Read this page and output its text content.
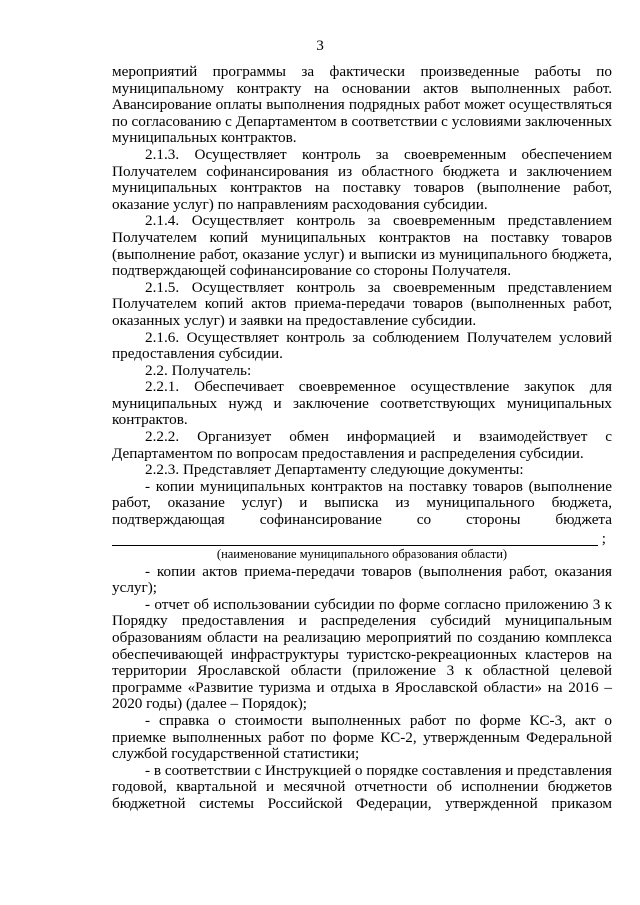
3

мероприятий программы за фактически произведенные работы по муниципальному контракту на основании актов выполненных работ. Авансирование оплаты выполнения подрядных работ может осуществляться по согласованию с Департаментом в соответствии с условиями заключенных муниципальных контрактов.

2.1.3. Осуществляет контроль за своевременным обеспечением Получателем софинансирования из областного бюджета и заключением муниципальных контрактов на поставку товаров (выполнение работ, оказание услуг) по направлениям расходования субсидии.

2.1.4. Осуществляет контроль за своевременным представлением Получателем копий муниципальных контрактов на поставку товаров (выполнение работ, оказание услуг) и выписки из муниципального бюджета, подтверждающей софинансирование со стороны Получателя.

2.1.5. Осуществляет контроль за своевременным представлением Получателем копий актов приема-передачи товаров (выполненных работ, оказанных услуг) и заявки на предоставление субсидии.

2.1.6. Осуществляет контроль за соблюдением Получателем условий предоставления субсидии.

2.2. Получатель:

2.2.1. Обеспечивает своевременное осуществление закупок для муниципальных нужд и заключение соответствующих муниципальных контрактов.

2.2.2. Организует обмен информацией и взаимодействует с Департаментом по вопросам предоставления и распределения субсидии.

2.2.3. Представляет Департаменту следующие документы:

- копии муниципальных контрактов на поставку товаров (выполнение работ, оказание услуг) и выписка из муниципального бюджета, подтверждающая софинансирование со стороны бюджета

;
(наименование муниципального образования области)

- копии актов приема-передачи товаров (выполнения работ, оказания услуг);

- отчет об использовании субсидии по форме согласно приложению 3 к Порядку предоставления и распределения субсидий муниципальным образованиям области на реализацию мероприятий по созданию комплекса обеспечивающей инфраструктуры туристско-рекреационных кластеров на территории Ярославской области (приложение 3 к областной целевой программе «Развитие туризма и отдыха в Ярославской области» на 2016 – 2020 годы) (далее – Порядок);

- справка о стоимости выполненных работ по форме КС-3, акт о приемке выполненных работ по форме КС-2, утвержденным Федеральной службой государственной статистики;

- в соответствии с Инструкцией о порядке составления и представления годовой, квартальной и месячной отчетности об исполнении бюджетов бюджетной системы Российской Федерации, утвержденной приказом
